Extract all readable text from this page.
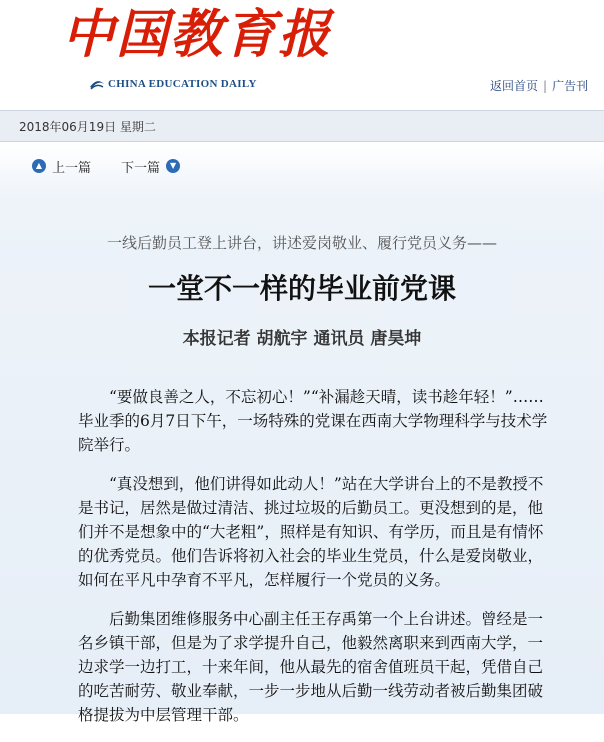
中国教育报
CHINA EDUCATION DAILY	返回首页 | 广告刊
2018年06月19日 星期二
▲ 上一篇 下一篇	▼
一线后勤员工登上讲台，讲述爱岗敬业、履行党员义务——
一堂不一样的毕业前党课
本报记者 胡航宇 通讯员 唐昊坤

“要做良善之人，不忘初心！”“补漏趁天晴，读书趁年轻！”……毕业季的6月7日下午，一场特殊的党课在西南大学物理科学与技术学院举行。

“真没想到，他们讲得如此动人！”站在大学讲台上的不是教授不是书记，居然是做过清洁、挑过垃圾的后勤员工。更没想到的是，他们并不是想象中的“大老粗”，照样是有知识、有学历，而且是有情怀的优秀党员。他们告诉将初入社会的毕业生党员，什么是爱岗敬业，如何在平凡中孕育不平凡，怎样履行一个党员的义务。

后勤集团维修服务中心副主任王存禹第一个上台讲述。曾经是一名乡镇干部，但是为了求学提升自己，他毅然离职来到西南大学，一边求学一边打工，十来年间，他从最先的宿舍值班员干起，凭借自己的吃苦耐劳、敬业奉献，一步一步地从后勤一线劳动者被后勤集团破格提拔为中层管理干部。
